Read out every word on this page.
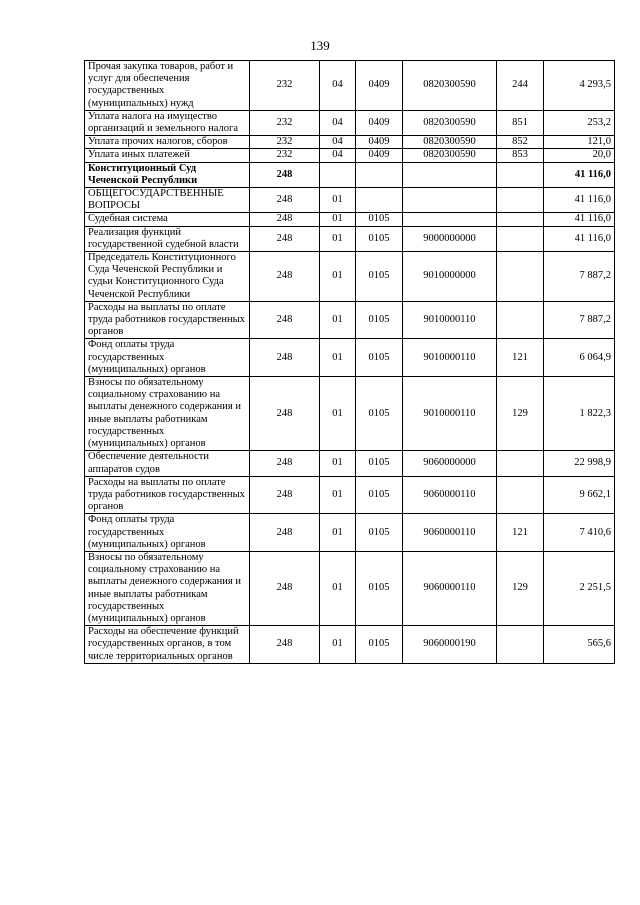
139
Прочая закупка товаров, работ и услуг для обеспечения государственных (муниципальных) нужд	232	04	0409	0820300590	244	4 293,5
Уплата налога на имущество организаций и земельного налога	232	04	0409	0820300590	851	253,2
Уплата прочих налогов, сборов	232	04	0409	0820300590	852	121,0
Уплата иных платежей	232	04	0409	0820300590	853	20,0
Конституционный Суд Чеченской Республики	248					41 116,0
ОБЩЕГОСУДАРСТВЕННЫЕ ВОПРОСЫ	248	01				41 116,0
Судебная система	248	01	0105			41 116,0
Реализация функций государственной судебной власти	248	01	0105	9000000000		41 116,0
Председатель Конституционного Суда Чеченской Республики и судьи Конституционного Суда Чеченской Республики	248	01	0105	9010000000		7 887,2
Расходы на выплаты по оплате труда работников государственных органов	248	01	0105	9010000110		7 887,2
Фонд оплаты труда государственных (муниципальных) органов	248	01	0105	9010000110	121	6 064,9
Взносы по обязательному социальному страхованию на выплаты денежного содержания и иные выплаты работникам государственных (муниципальных) органов	248	01	0105	9010000110	129	1 822,3
Обеспечение деятельности аппаратов судов	248	01	0105	9060000000		22 998,9
Расходы на выплаты по оплате труда работников государственных органов	248	01	0105	9060000110		9 662,1
Фонд оплаты труда государственных (муниципальных) органов	248	01	0105	9060000110	121	7 410,6
Взносы по обязательному социальному страхованию на выплаты денежного содержания и иные выплаты работникам государственных (муниципальных) органов	248	01	0105	9060000110	129	2 251,5
Расходы на обеспечение функций государственных органов, в том числе территориальных органов	248	01	0105	9060000190		565,6
